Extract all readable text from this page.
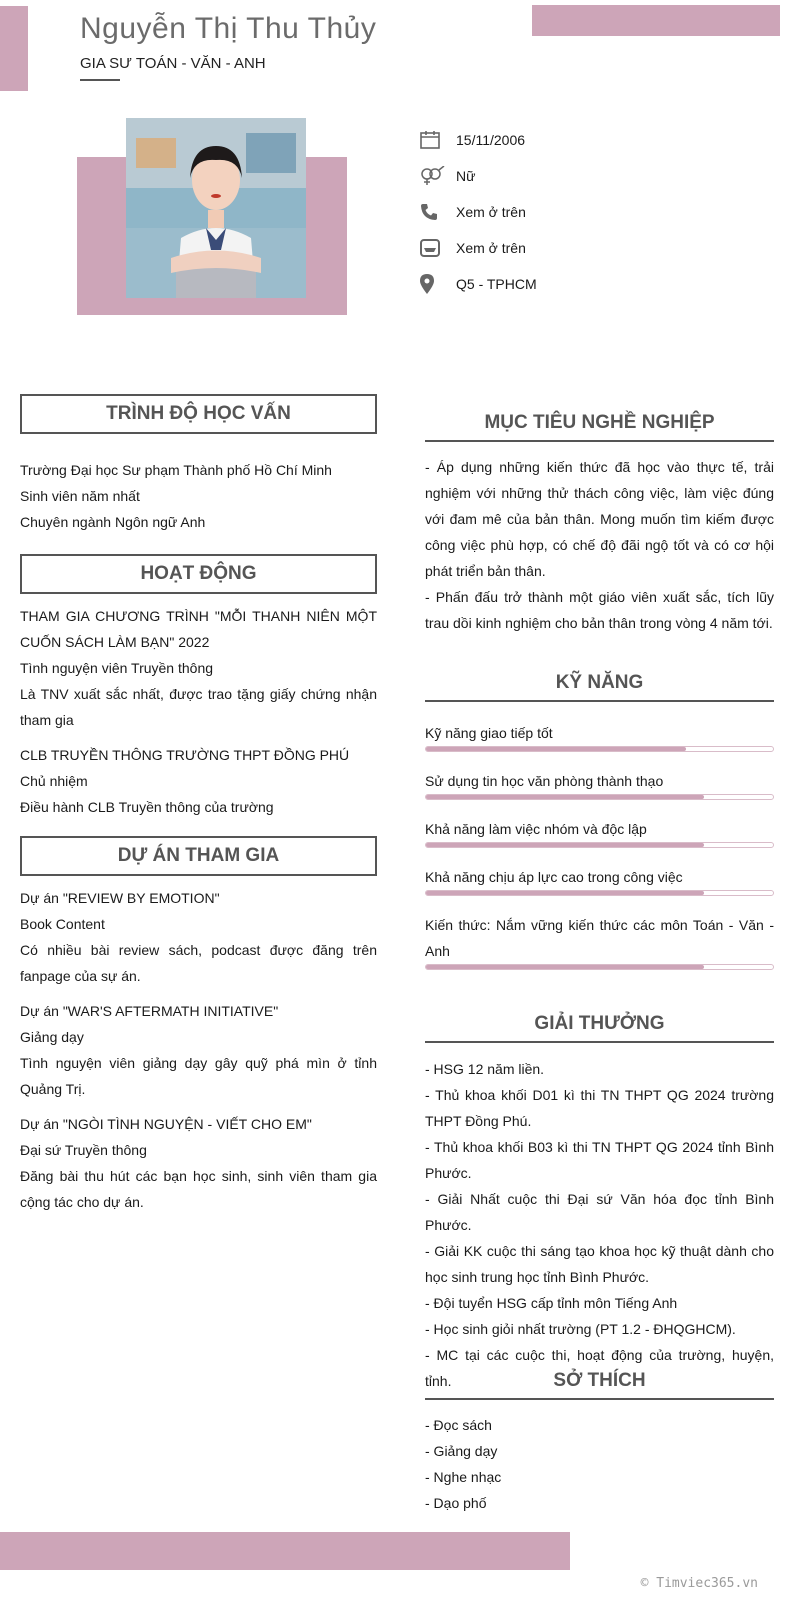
Nguyễn Thị Thu Thủy
GIA SƯ TOÁN - VĂN - ANH
15/11/2006
Nữ
Xem ở trên
Xem ở trên
Q5 - TPHCM
TRÌNH ĐỘ HỌC VẤN

Trường Đại học Sư phạm Thành phố Hồ Chí Minh

Sinh viên năm nhất

Chuyên ngành Ngôn ngữ Anh

HOẠT ĐỘNG

THAM GIA CHƯƠNG TRÌNH "MỖI THANH NIÊN MỘT CUỐN SÁCH LÀM BẠN" 2022

Tình nguyện viên Truyền thông

Là TNV xuất sắc nhất, được trao tặng giấy chứng nhận tham gia

CLB TRUYỀN THÔNG TRƯỜNG THPT ĐỒNG PHÚ

Chủ nhiệm

Điều hành CLB Truyền thông của trường

DỰ ÁN THAM GIA

Dự án "REVIEW BY EMOTION"

Book Content

Có nhiều bài review sách, podcast được đăng trên fanpage của sự án.

Dự án "WAR'S AFTERMATH INITIATIVE"

Giảng dạy

Tình nguyện viên giảng dạy gây quỹ phá mìn ở tỉnh Quảng Trị.

Dự án "NGÒI TÌNH NGUYỆN - VIẾT CHO EM"

Đại sứ Truyền thông

Đăng bài thu hút các bạn học sinh, sinh viên tham gia cộng tác cho dự án.

MỤC TIÊU NGHỀ NGHIỆP

- Áp dụng những kiến thức đã học vào thực tế, trải nghiệm với những thử thách công việc, làm việc đúng với đam mê của bản thân. Mong muốn tìm kiếm được công việc phù hợp, có chế độ đãi ngộ tốt và có cơ hội phát triển bản thân.

- Phấn đấu trở thành một giáo viên xuất sắc, tích lũy trau dồi kinh nghiệm cho bản thân trong vòng 4 năm tới.

KỸ NĂNG
Kỹ năng giao tiếp tốt
Sử dụng tin học văn phòng thành thạo
Khả năng làm việc nhóm và độc lập
Khả năng chịu áp lực cao trong công việc
Kiến thức: Nắm vững kiến thức các môn Toán - Văn - Anh
GIẢI THƯỞNG

- HSG 12 năm liền.

- Thủ khoa khối D01 kì thi TN THPT QG 2024 trường THPT Đồng Phú.

- Thủ khoa khối B03 kì thi TN THPT QG 2024 tỉnh Bình Phước.

- Giải Nhất cuộc thi Đại sứ Văn hóa đọc tỉnh Bình Phước.

- Giải KK cuộc thi sáng tạo khoa học kỹ thuật dành cho học sinh trung học tỉnh Bình Phước.

- Đội tuyển HSG cấp tỉnh môn Tiếng Anh

- Học sinh giỏi nhất trường (PT 1.2 - ĐHQGHCM).

- MC tại các cuộc thi, hoạt động của trường, huyện, tỉnh.	SỞ THÍCH

- Đọc sách

- Giảng dạy

- Nghe nhạc

- Dạo phố

© Timviec365.vn
